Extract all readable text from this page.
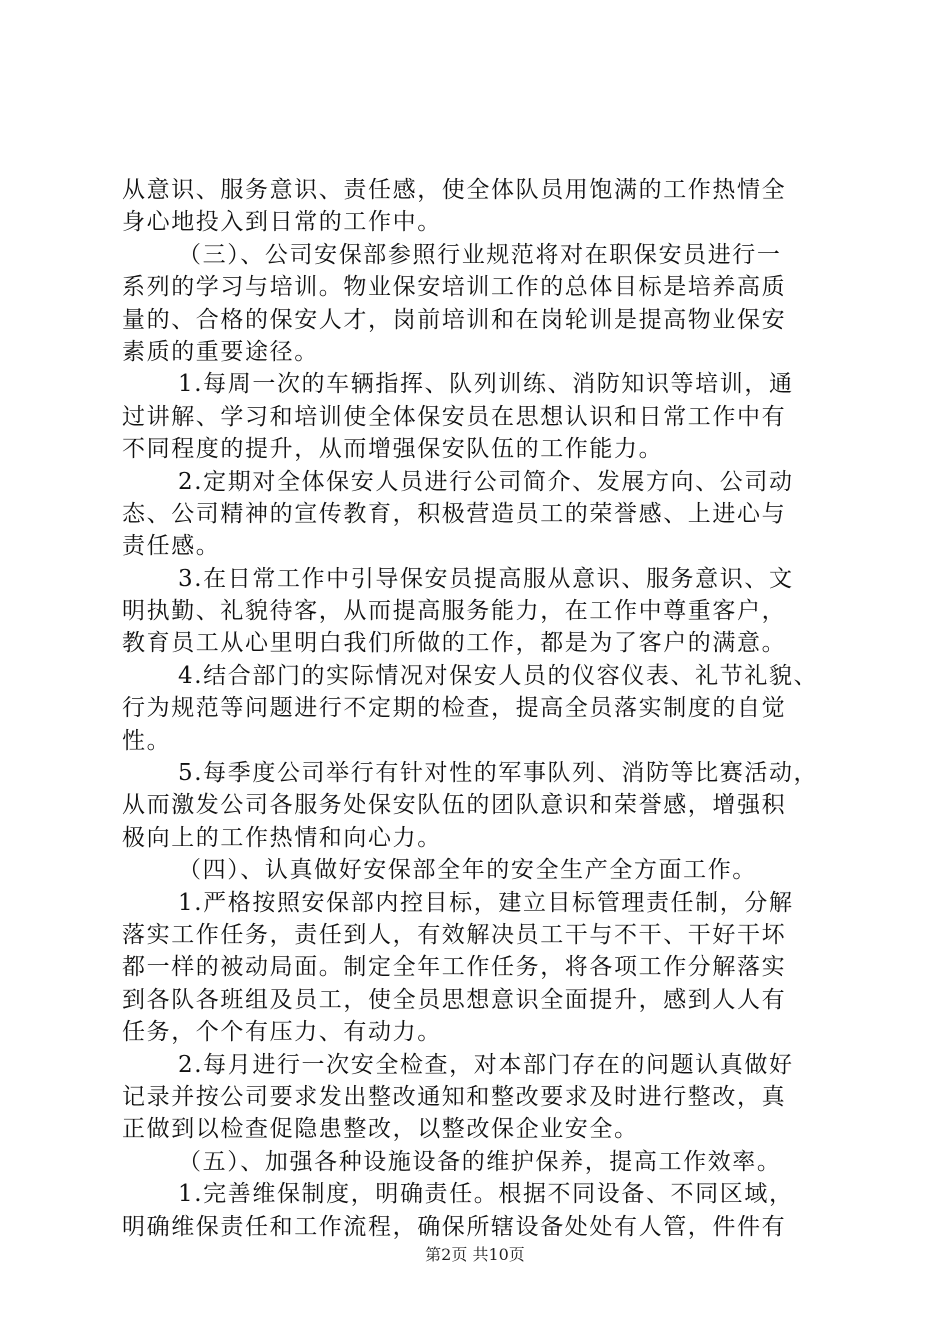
从意识、服务意识、责任感，使全体队员用饱满的工作热情全
身心地投入到日常的工作中。
（三）、公司安保部参照行业规范将对在职保安员进行一
系列的学习与培训。物业保安培训工作的总体目标是培养高质
量的、合格的保安人才，岗前培训和在岗轮训是提高物业保安
素质的重要途径。
1.每周一次的车辆指挥、队列训练、消防知识等培训，通
过讲解、学习和培训使全体保安员在思想认识和日常工作中有
不同程度的提升，从而增强保安队伍的工作能力。
2.定期对全体保安人员进行公司简介、发展方向、公司动
态、公司精神的宣传教育，积极营造员工的荣誉感、上进心与
责任感。
3.在日常工作中引导保安员提高服从意识、服务意识、文
明执勤、礼貌待客，从而提高服务能力，在工作中尊重客户，
教育员工从心里明白我们所做的工作，都是为了客户的满意。
4.结合部门的实际情况对保安人员的仪容仪表、礼节礼貌、
行为规范等问题进行不定期的检查，提高全员落实制度的自觉
性。
5.每季度公司举行有针对性的军事队列、消防等比赛活动，
从而激发公司各服务处保安队伍的团队意识和荣誉感，增强积
极向上的工作热情和向心力。
（四）、认真做好安保部全年的安全生产全方面工作。
1.严格按照安保部内控目标，建立目标管理责任制，分解
落实工作任务，责任到人，有效解决员工干与不干、干好干坏
都一样的被动局面。制定全年工作任务，将各项工作分解落实
到各队各班组及员工，使全员思想意识全面提升，感到人人有
任务，个个有压力、有动力。
2.每月进行一次安全检查，对本部门存在的问题认真做好
记录并按公司要求发出整改通知和整改要求及时进行整改，真
正做到以检查促隐患整改，以整改保企业安全。
（五）、加强各种设施设备的维护保养，提高工作效率。
1.完善维保制度，明确责任。根据不同设备、不同区域，
明确维保责任和工作流程，确保所辖设备处处有人管，件件有
第2页 共10页
